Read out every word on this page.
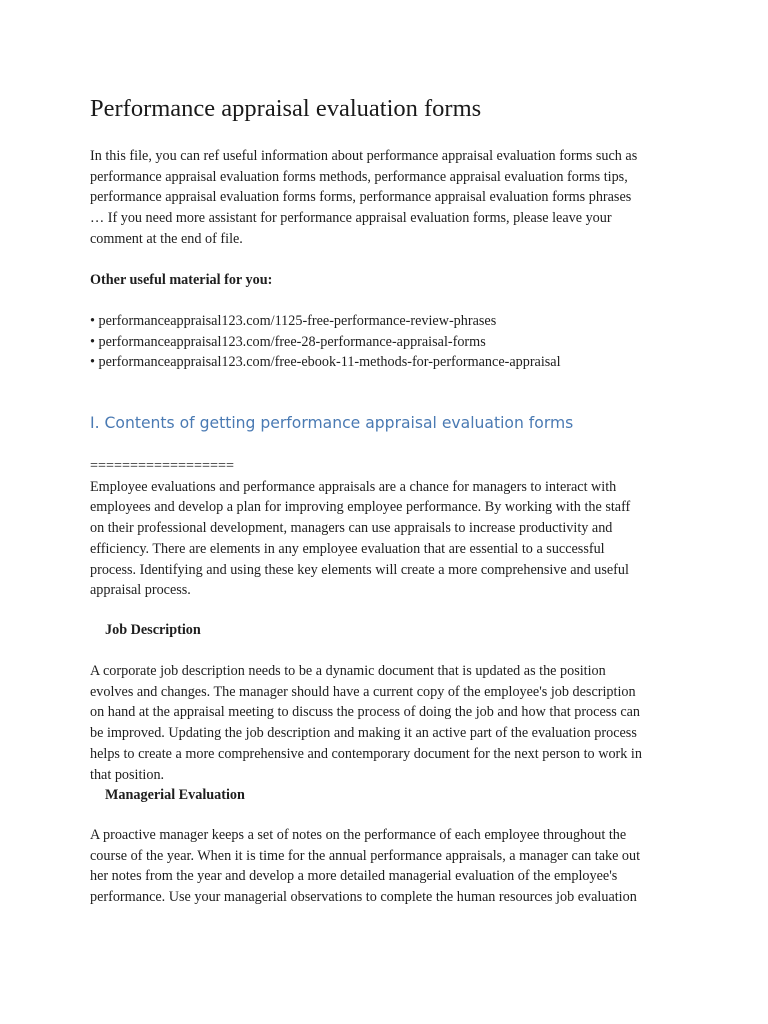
Performance appraisal evaluation forms

In this file, you can ref useful information about performance appraisal evaluation forms such as
performance appraisal evaluation forms methods, performance appraisal evaluation forms tips,
performance appraisal evaluation forms forms, performance appraisal evaluation forms phrases
… If you need more assistant for performance appraisal evaluation forms, please leave your
comment at the end of file.

Other useful material for you:

• performanceappraisal123.com/1125-free-performance-review-phrases
• performanceappraisal123.com/free-28-performance-appraisal-forms
• performanceappraisal123.com/free-ebook-11-methods-for-performance-appraisal
I. Contents of getting performance appraisal evaluation forms

==================
Employee evaluations and performance appraisals are a chance for managers to interact with
employees and develop a plan for improving employee performance. By working with the staff
on their professional development, managers can use appraisals to increase productivity and
efficiency. There are elements in any employee evaluation that are essential to a successful
process. Identifying and using these key elements will create a more comprehensive and useful
appraisal process.

Job Description

A corporate job description needs to be a dynamic document that is updated as the position
evolves and changes. The manager should have a current copy of the employee's job description
on hand at the appraisal meeting to discuss the process of doing the job and how that process can
be improved. Updating the job description and making it an active part of the evaluation process
helps to create a more comprehensive and contemporary document for the next person to work in
that position.

Managerial Evaluation

A proactive manager keeps a set of notes on the performance of each employee throughout the
course of the year. When it is time for the annual performance appraisals, a manager can take out
her notes from the year and develop a more detailed managerial evaluation of the employee's
performance. Use your managerial observations to complete the human resources job evaluation
